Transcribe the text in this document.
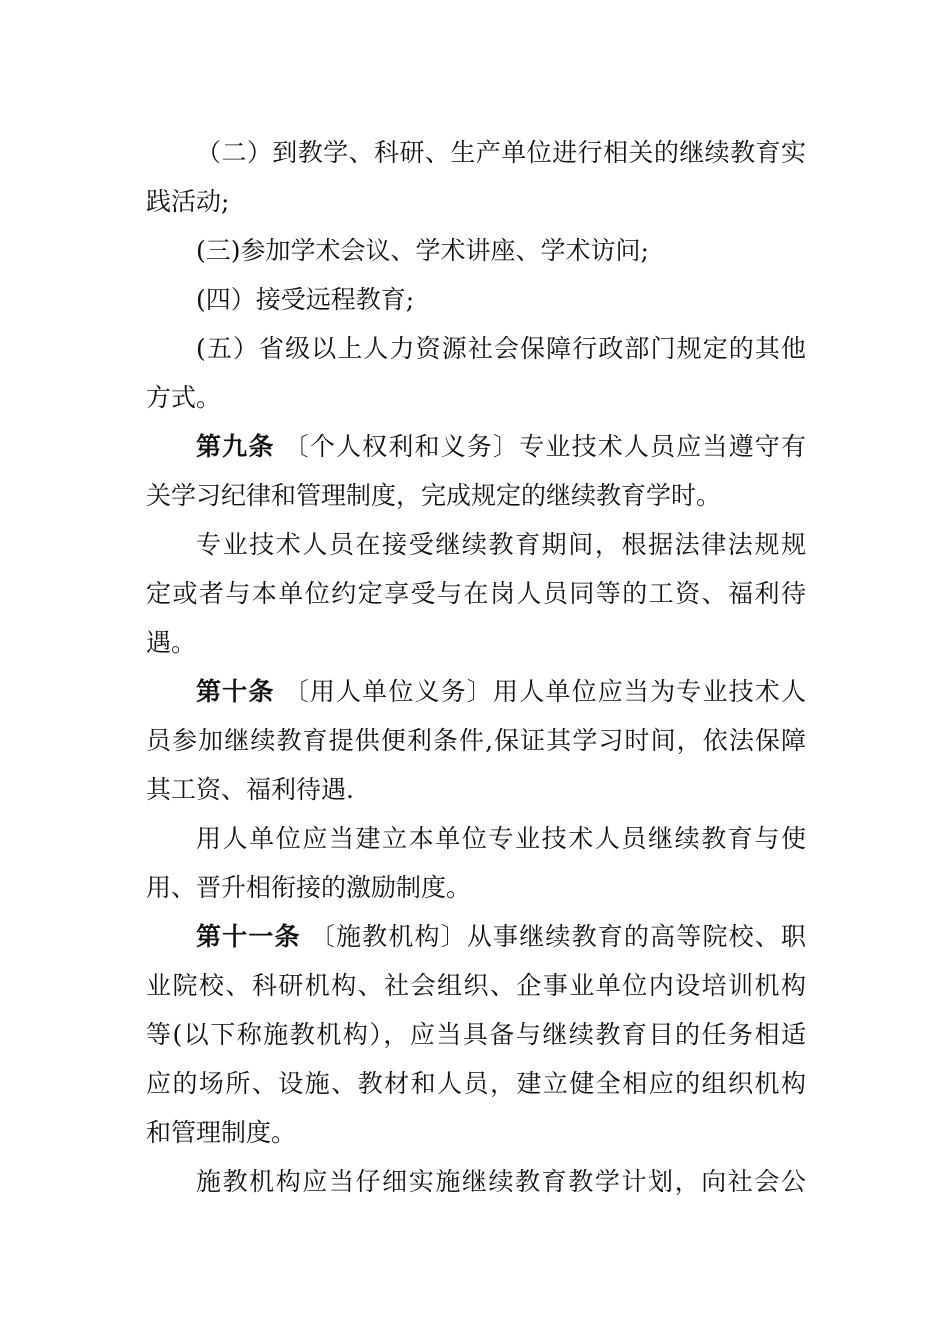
（二）到教学、科研、生产单位进行相关的继续教育实
践活动;
(三)参加学术会议、学术讲座、学术访问;
(四）接受远程教育;
(五）省级以上人力资源社会保障行政部门规定的其他
方式。
第九条 〔个人权利和义务〕专业技术人员应当遵守有
关学习纪律和管理制度，完成规定的继续教育学时。
专业技术人员在接受继续教育期间，根据法律法规规
定或者与本单位约定享受与在岗人员同等的工资、福利待
遇。
第十条 〔用人单位义务〕用人单位应当为专业技术人
员参加继续教育提供便利条件,保证其学习时间，依法保障
其工资、福利待遇.
用人单位应当建立本单位专业技术人员继续教育与使
用、晋升相衔接的激励制度。
第十一条 〔施教机构〕从事继续教育的高等院校、职
业院校、科研机构、社会组织、企事业单位内设培训机构
等(以下称施教机构），应当具备与继续教育目的任务相适
应的场所、设施、教材和人员，建立健全相应的组织机构
和管理制度。
施教机构应当仔细实施继续教育教学计划，向社会公
